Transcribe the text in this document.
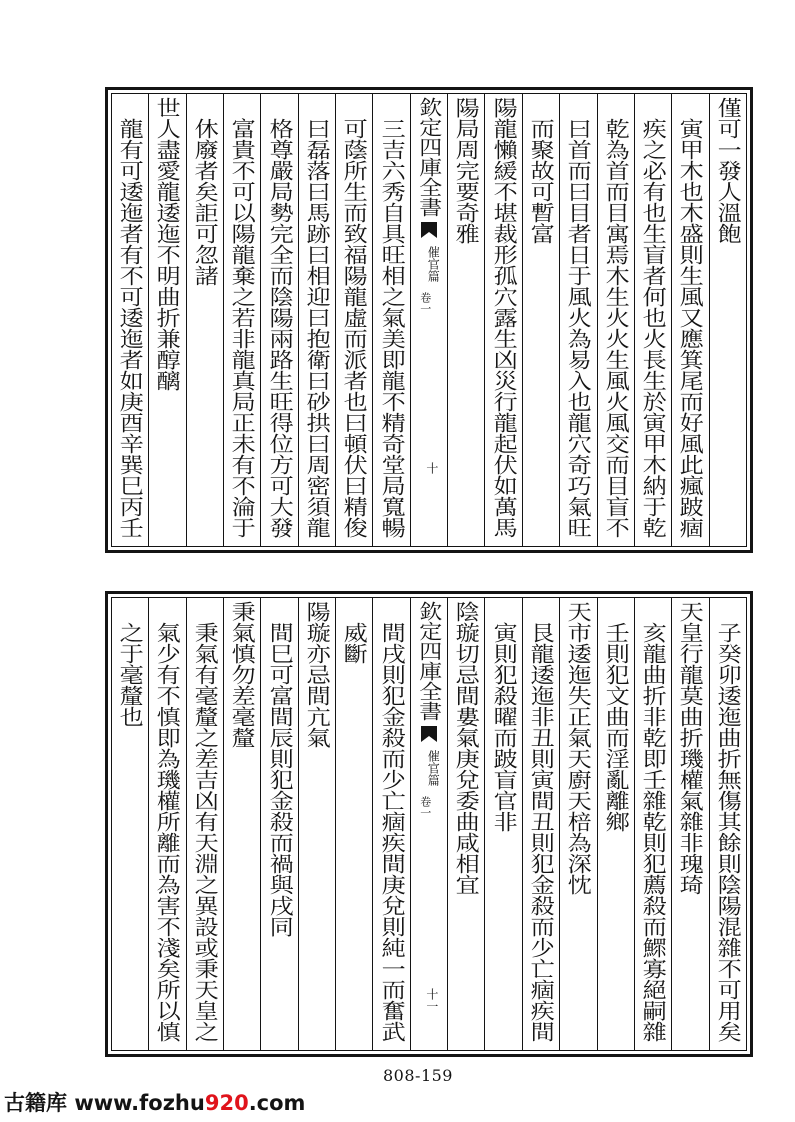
僅可一發人溫飽
寅甲木也木盛則生風又應箕尾而好風此瘋跛痼
疾之必有也生盲者何也火長生於寅甲木納于乾
乾為首而目寓焉木生火火生風火風交而目盲不
曰首而曰目者日于風火為易入也龍穴奇巧氣旺
而聚故可暫富
陽龍懶緩不堪裁形孤穴露生凶災行龍起伏如萬馬
陽局周完要奇雅
欽定四庫全書
催官篇
卷一
十
三吉六秀自具旺相之氣美即龍不精奇堂局寬暢
可蔭所生而致福陽龍虛而派者也曰頓伏曰精俊
曰磊落曰馬跡曰相迎曰抱衛曰砂拱曰周密須龍
格尊嚴局勢完全而陰陽兩路生旺得位方可大發
富貴不可以陽龍棄之若非龍真局正未有不淪于
休廢者矣詎可忽諸
世人盡愛龍逶迤不明曲折兼醇醨
龍有可逶迤者有不可逶迤者如庚酉辛巽巳丙壬
子癸卯逶迤曲折無傷其餘則陰陽混雜不可用矣
天皇行龍莫曲折璣權氣雜非瑰琦
亥龍曲折非乾即壬雜乾則犯薦殺而鰥寡絕嗣雜
壬則犯文曲而淫亂離鄉
天市逶迤失正氣天廚天棓為深忱
艮龍逶迤非丑則寅間丑則犯金殺而少亡痼疾間
寅則犯殺曜而跛盲官非
陰璇切忌間婁氣庚兌委曲咸相宜
欽定四庫全書
催官篇
卷一
十一
間戌則犯金殺而少亡痼疾間庚兌則純一而奮武
威斷
陽璇亦忌間亢氣
間巳可富間辰則犯金殺而禍與戌同
秉氣慎勿差毫釐
秉氣有毫釐之差吉凶有天淵之異設或秉天皇之
氣少有不慎即為璣權所離而為害不淺矣所以慎
之于毫釐也
808-159
古籍库 www.fozhu920.com
